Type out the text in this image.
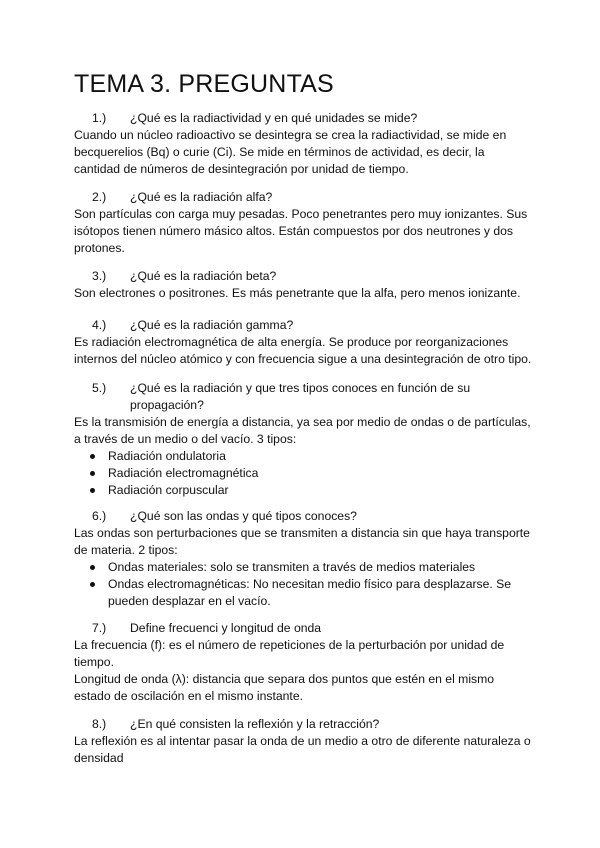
TEMA 3. PREGUNTAS
1.)	¿Qué es la radiactividad y en qué unidades se mide?

Cuando un núcleo radioactivo se desintegra se crea la radiactividad, se mide en

becquerelios (Bq) o curie (Ci). Se mide en términos de actividad, es decir, la

cantidad de números de desintegración por unidad de tiempo.

2.)	¿Qué es la radiación alfa?

Son partículas con carga muy pesadas. Poco penetrantes pero muy ionizantes. Sus

isótopos tienen número másico altos. Están compuestos por dos neutrones y dos

protones.

3.)	¿Qué es la radiación beta?

Son electrones o positrones. Es más penetrante que la alfa, pero menos ionizante.

4.)	¿Qué es la radiación gamma?

Es radiación electromagnética de alta energía. Se produce por reorganizaciones

internos del núcleo atómico y con frecuencia sigue a una desintegración de otro tipo.

5.)	¿Qué es la radiación y que tres tipos conoces en función de su
propagación?

Es la transmisión de energía a distancia, ya sea por medio de ondas o de partículas,

a través de un medio o del vacío. 3 tipos:

Radiación ondulatoria
Radiación electromagnética
Radiación corpuscular
6.)	¿Qué son las ondas y qué tipos conoces?

Las ondas son perturbaciones que se transmiten a distancia sin que haya transporte

de materia. 2 tipos:

Ondas materiales: solo se transmiten a través de medios materiales
Ondas electromagnéticas: No necesitan medio físico para desplazarse. Se
pueden desplazar en el vacío.
7.)	Define frecuenci y longitud de onda

La frecuencia (f): es el número de repeticiones de la perturbación por unidad de

tiempo.

Longitud de onda (λ): distancia que separa dos puntos que estén en el mismo

estado de oscilación en el mismo instante.

8.)	¿En qué consisten la reflexión y la retracción?

La reflexión es al intentar pasar la onda de un medio a otro de diferente naturaleza o

densidad
